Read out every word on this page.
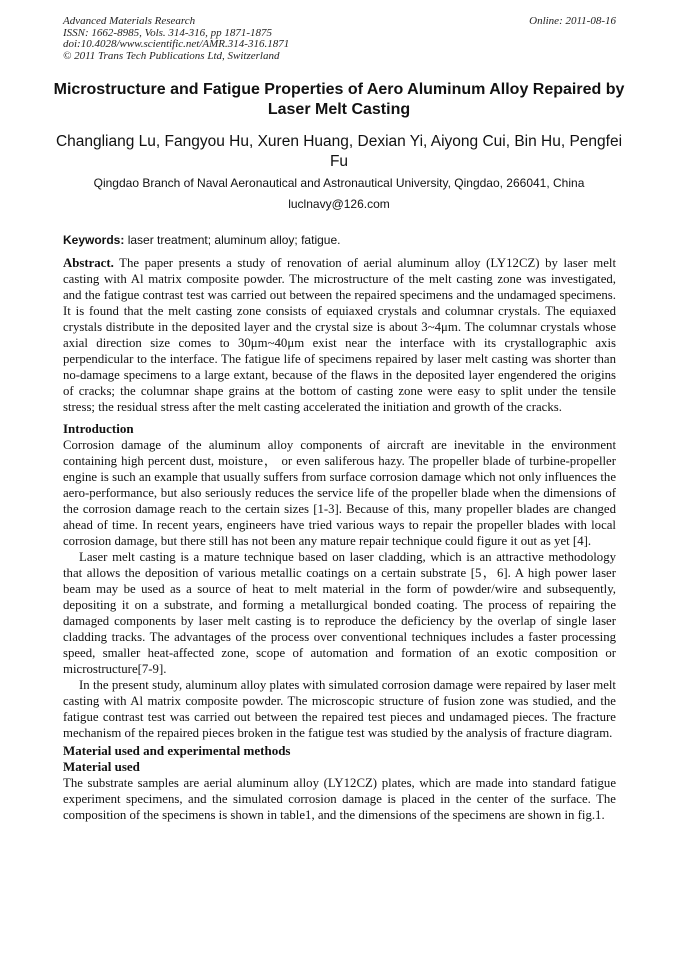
Advanced Materials Research
ISSN: 1662-8985, Vols. 314-316, pp 1871-1875
doi:10.4028/www.scientific.net/AMR.314-316.1871
© 2011 Trans Tech Publications Ltd, Switzerland
Online: 2011-08-16
Microstructure and Fatigue Properties of Aero Aluminum Alloy Repaired by Laser Melt Casting
Changliang Lu, Fangyou Hu, Xuren Huang, Dexian Yi, Aiyong Cui, Bin Hu, Pengfei Fu
Qingdao Branch of Naval Aeronautical and Astronautical University, Qingdao, 266041, China
luclnavy@126.com
Keywords: laser treatment; aluminum alloy; fatigue.

Abstract. The paper presents a study of renovation of aerial aluminum alloy (LY12CZ) by laser melt casting with Al matrix composite powder. The microstructure of the melt casting zone was investigated, and the fatigue contrast test was carried out between the repaired specimens and the undamaged specimens. It is found that the melt casting zone consists of equiaxed crystals and columnar crystals. The equiaxed crystals distribute in the deposited layer and the crystal size is about 3~4μm. The columnar crystals whose axial direction size comes to 30μm~40μm exist near the interface with its crystallographic axis perpendicular to the interface. The fatigue life of specimens repaired by laser melt casting was shorter than no-damage specimens to a large extant, because of the flaws in the deposited layer engendered the origins of cracks; the columnar shape grains at the bottom of casting zone were easy to split under the tensile stress; the residual stress after the melt casting accelerated the initiation and growth of the cracks.

Introduction

Corrosion damage of the aluminum alloy components of aircraft are inevitable in the environment containing high percent dust, moisture， or even saliferous hazy. The propeller blade of turbine-propeller engine is such an example that usually suffers from surface corrosion damage which not only influences the aero-performance, but also seriously reduces the service life of the propeller blade when the dimensions of the corrosion damage reach to the certain sizes [1-3]. Because of this, many propeller blades are changed ahead of time. In recent years, engineers have tried various ways to repair the propeller blades with local corrosion damage, but there still has not been any mature repair technique could figure it out as yet [4].

Laser melt casting is a mature technique based on laser cladding, which is an attractive methodology that allows the deposition of various metallic coatings on a certain substrate [5，6]. A high power laser beam may be used as a source of heat to melt material in the form of powder/wire and subsequently, depositing it on a substrate, and forming a metallurgical bonded coating. The process of repairing the damaged components by laser melt casting is to reproduce the deficiency by the overlap of single laser cladding tracks. The advantages of the process over conventional techniques includes a faster processing speed, smaller heat-affected zone, scope of automation and formation of an exotic composition or microstructure[7-9].

In the present study, aluminum alloy plates with simulated corrosion damage were repaired by laser melt casting with Al matrix composite powder. The microscopic structure of fusion zone was studied, and the fatigue contrast test was carried out between the repaired test pieces and undamaged pieces. The fracture mechanism of the repaired pieces broken in the fatigue test was studied by the analysis of fracture diagram.

Material used and experimental methods
Material used

The substrate samples are aerial aluminum alloy (LY12CZ) plates, which are made into standard fatigue experiment specimens, and the simulated corrosion damage is placed in the center of the surface. The composition of the specimens is shown in table1, and the dimensions of the specimens are shown in fig.1.
